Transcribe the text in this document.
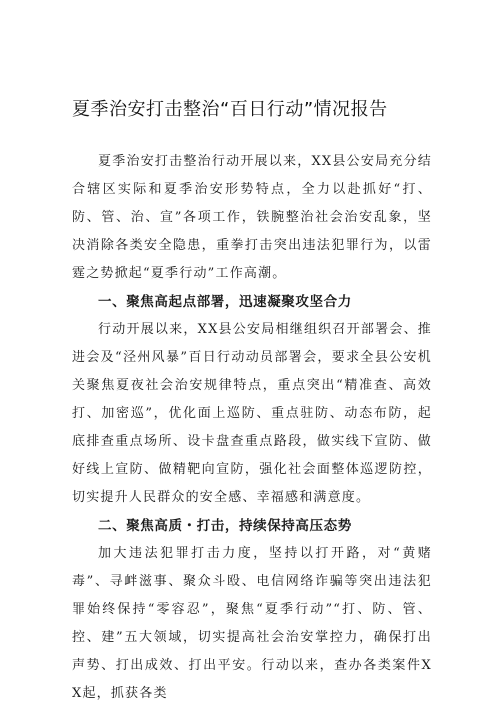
夏季治安打击整治“百日行动”情况报告

夏季治安打击整治行动开展以来，XX县公安局充分结合辖区实际和夏季治安形势特点，全力以赴抓好“打、防、管、治、宣”各项工作，铁腕整治社会治安乱象，坚决消除各类安全隐患，重拳打击突出违法犯罪行为，以雷霆之势掀起“夏季行动”工作高潮。

一、聚焦高起点部署，迅速凝聚攻坚合力

行动开展以来，XX县公安局相继组织召开部署会、推进会及“泾州风暴”百日行动动员部署会，要求全县公安机关聚焦夏夜社会治安规律特点，重点突出“精准查、高效打、加密巡”，优化面上巡防、重点驻防、动态布防，起底排查重点场所、设卡盘查重点路段，做实线下宣防、做好线上宣防、做精靶向宣防，强化社会面整体巡逻防控，切实提升人民群众的安全感、幸福感和满意度。

二、聚焦高质・打击，持续保持高压态势

加大违法犯罪打击力度，坚持以打开路，对“黄赌毒”、寻衅滋事、聚众斗殴、电信网络诈骗等突出违法犯罪始终保持“零容忍”，聚焦“夏季行动”“打、防、管、控、建”五大领域，切实提高社会治安掌控力，确保打出声势、打出成效、打出平安。行动以来，查办各类案件XX起，抓获各类
